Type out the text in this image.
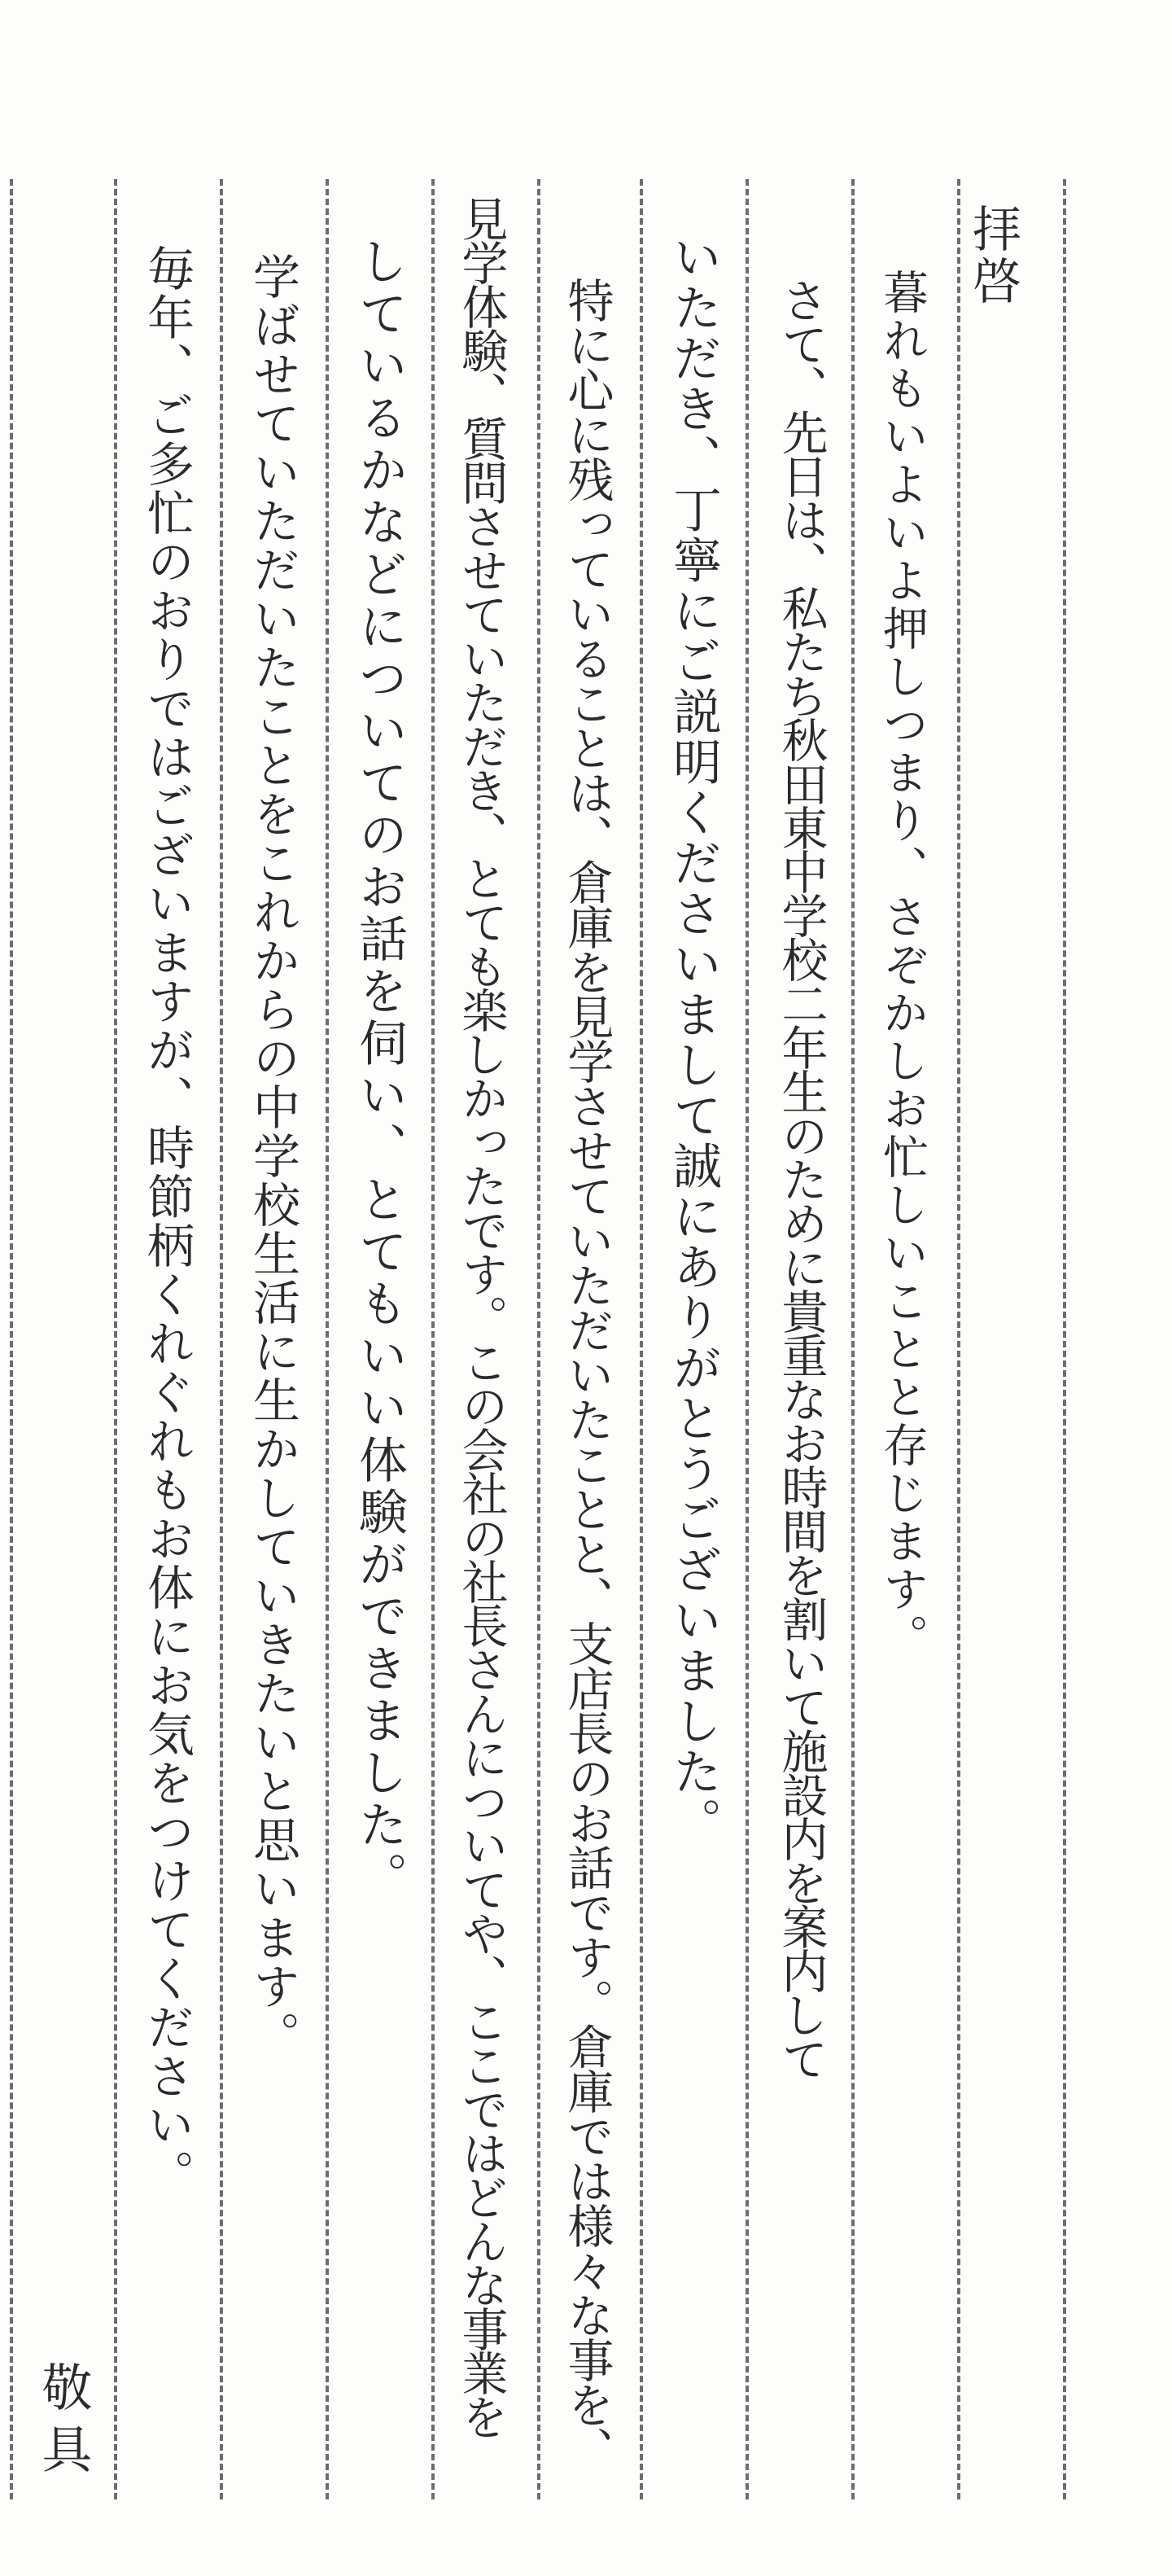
拝啓
暮れもいよいよ押しつまり、さぞかしお忙しいことと存じます。
さて、先日は、私たち秋田東中学校二年生のために貴重なお時間を割いて施設内を案内して
いただき、丁寧にご説明くださいまして誠にありがとうございました。
特に心に残っていることは、倉庫を見学させていただいたことと、支店長のお話です。倉庫では様々な事を、
見学体験、質問させていただき、とても楽しかったです。この会社の社長さんについてや、ここではどんな事業を
しているかなどについてのお話を伺い、とてもいい体験ができました。
学ばせていただいたことをこれからの中学校生活に生かしていきたいと思います。
毎年、ご多忙のおりではございますが、時節柄くれぐれもお体にお気をつけてください。
敬具
